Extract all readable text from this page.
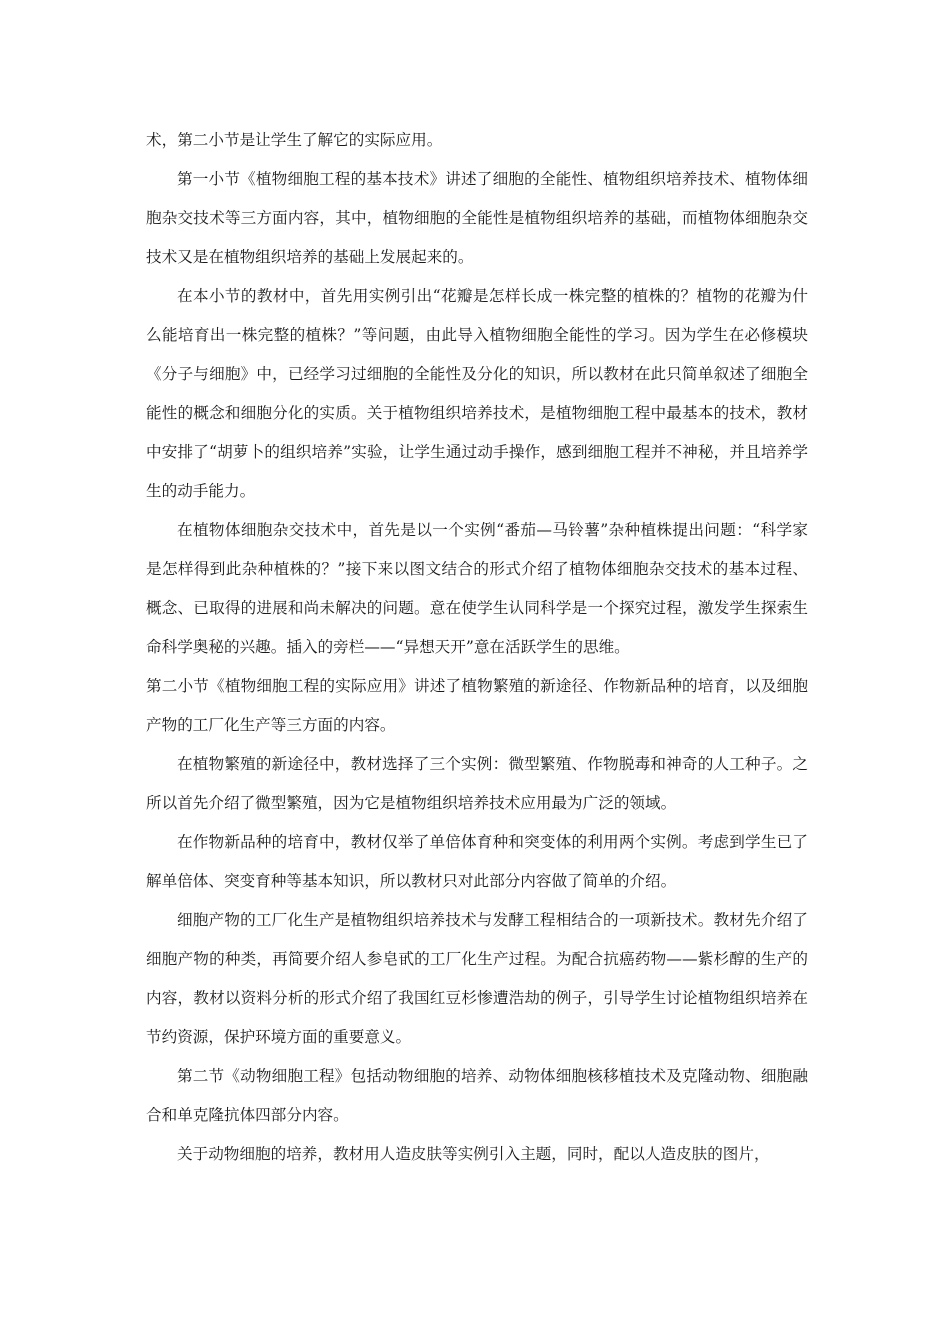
术，第二小节是让学生了解它的实际应用。

第一小节《植物细胞工程的基本技术》讲述了细胞的全能性、植物组织培养技术、植物体细胞杂交技术等三方面内容，其中，植物细胞的全能性是植物组织培养的基础，而植物体细胞杂交技术又是在植物组织培养的基础上发展起来的。

在本小节的教材中，首先用实例引出“花瓣是怎样长成一株完整的植株的？植物的花瓣为什么能培育出一株完整的植株？”等问题，由此导入植物细胞全能性的学习。因为学生在必修模块《分子与细胞》中，已经学习过细胞的全能性及分化的知识，所以教材在此只简单叙述了细胞全能性的概念和细胞分化的实质。关于植物组织培养技术，是植物细胞工程中最基本的技术，教材中安排了“胡萝卜的组织培养”实验，让学生通过动手操作，感到细胞工程并不神秘，并且培养学生的动手能力。

在植物体细胞杂交技术中，首先是以一个实例“番茄—马铃薯”杂种植株提出问题：“科学家是怎样得到此杂种植株的？”接下来以图文结合的形式介绍了植物体细胞杂交技术的基本过程、概念、已取得的进展和尚未解决的问题。意在使学生认同科学是一个探究过程，激发学生探索生命科学奥秘的兴趣。插入的旁栏——“异想天开”意在活跃学生的思维。

第二小节《植物细胞工程的实际应用》讲述了植物繁殖的新途径、作物新品种的培育，以及细胞产物的工厂化生产等三方面的内容。

在植物繁殖的新途径中，教材选择了三个实例：微型繁殖、作物脱毒和神奇的人工种子。之所以首先介绍了微型繁殖，因为它是植物组织培养技术应用最为广泛的领域。

在作物新品种的培育中，教材仅举了单倍体育种和突变体的利用两个实例。考虑到学生已了解单倍体、突变育种等基本知识，所以教材只对此部分内容做了简单的介绍。

细胞产物的工厂化生产是植物组织培养技术与发酵工程相结合的一项新技术。教材先介绍了细胞产物的种类，再简要介绍人参皂甙的工厂化生产过程。为配合抗癌药物——紫杉醇的生产的内容，教材以资料分析的形式介绍了我国红豆杉惨遭浩劫的例子，引导学生讨论植物组织培养在节约资源，保护环境方面的重要意义。

第二节《动物细胞工程》包括动物细胞的培养、动物体细胞核移植技术及克隆动物、细胞融合和单克隆抗体四部分内容。

关于动物细胞的培养，教材用人造皮肤等实例引入主题，同时，配以人造皮肤的图片，
